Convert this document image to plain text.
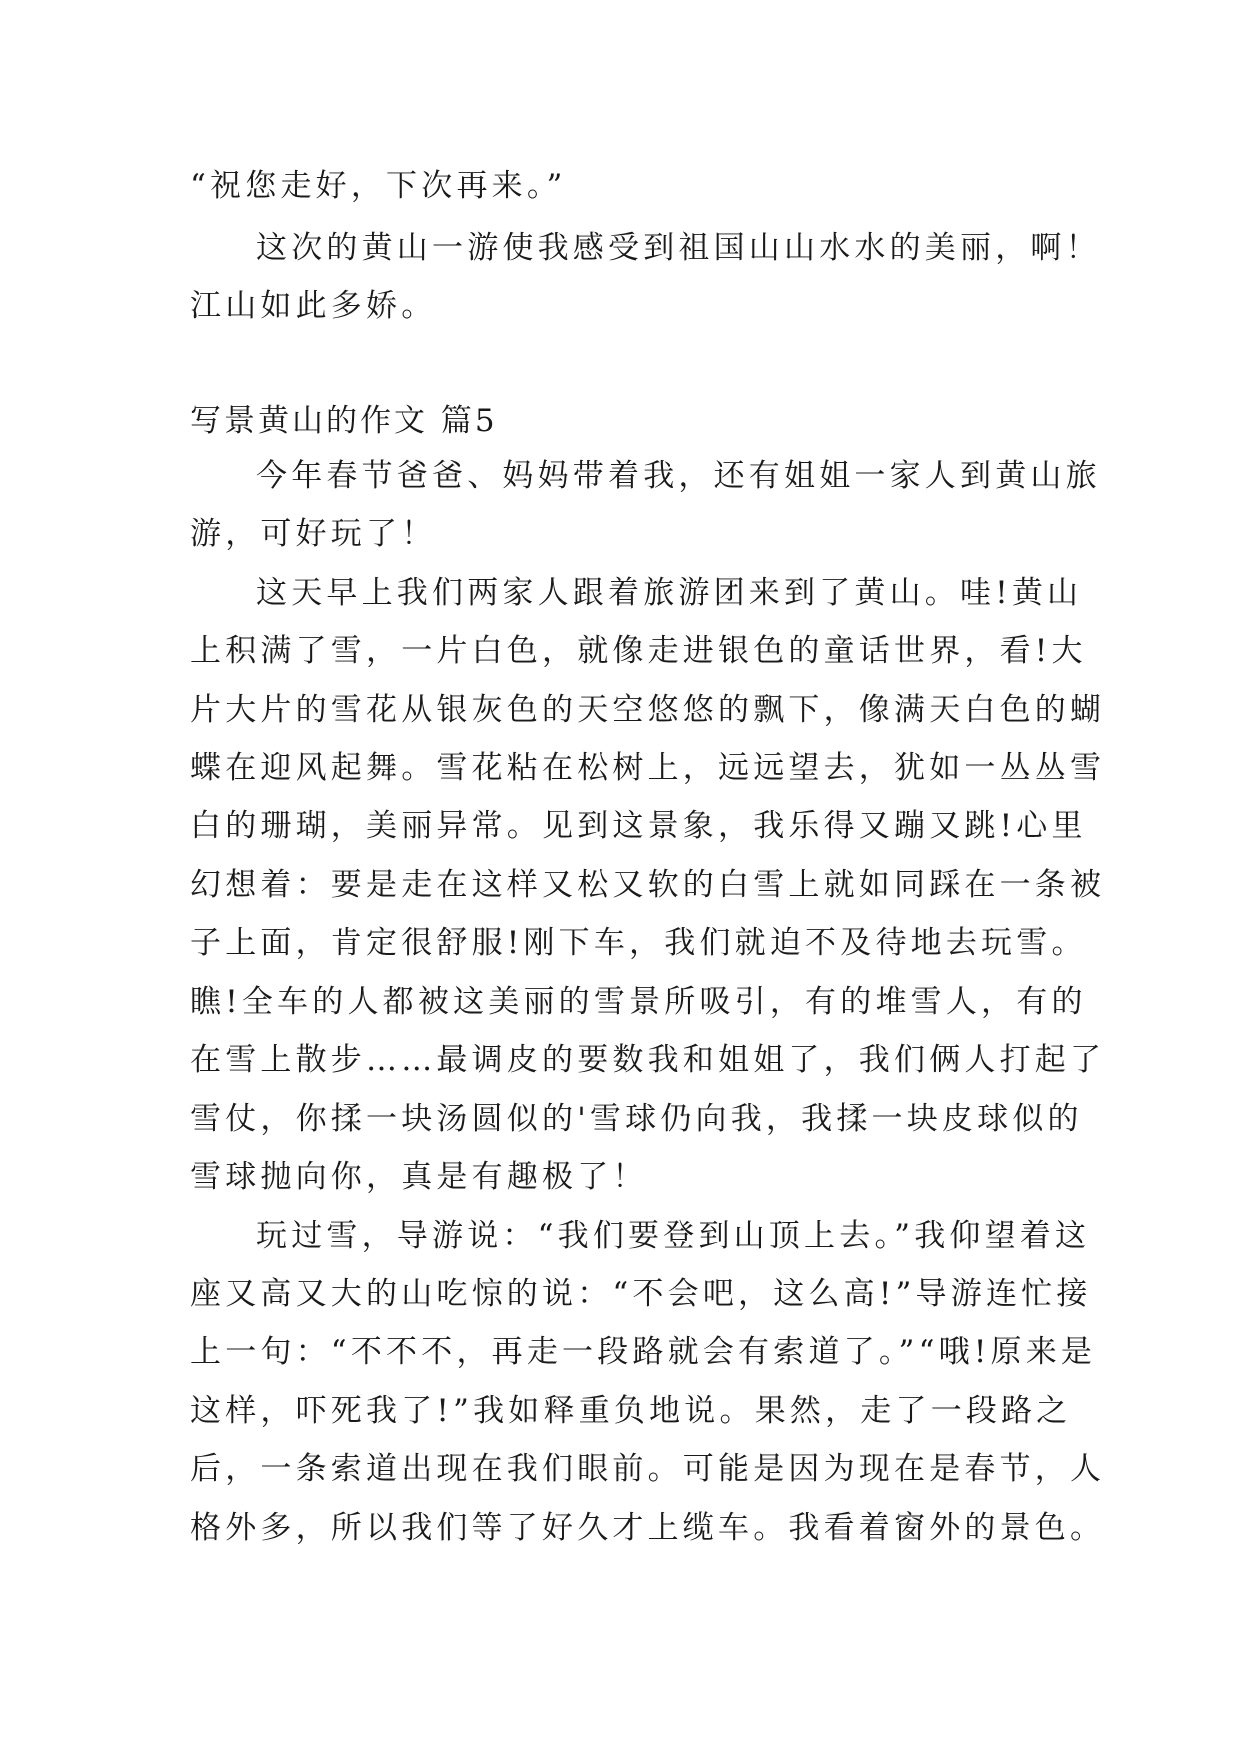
“祝您走好，下次再来。”
这次的黄山一游使我感受到祖国山山水水的美丽，啊！
江山如此多娇。
写景黄山的作文 篇5
今年春节爸爸、妈妈带着我，还有姐姐一家人到黄山旅
游，可好玩了！
这天早上我们两家人跟着旅游团来到了黄山。哇!黄山
上积满了雪，一片白色，就像走进银色的童话世界，看!大
片大片的雪花从银灰色的天空悠悠的飘下，像满天白色的蝴
蝶在迎风起舞。雪花粘在松树上，远远望去，犹如一丛丛雪
白的珊瑚，美丽异常。见到这景象，我乐得又蹦又跳!心里
幻想着：要是走在这样又松又软的白雪上就如同踩在一条被
子上面，肯定很舒服!刚下车，我们就迫不及待地去玩雪。
瞧!全车的人都被这美丽的雪景所吸引，有的堆雪人，有的
在雪上散步……最调皮的要数我和姐姐了，我们俩人打起了
雪仗，你揉一块汤圆似的'雪球仍向我，我揉一块皮球似的
雪球抛向你，真是有趣极了！
玩过雪，导游说：“我们要登到山顶上去。”我仰望着这
座又高又大的山吃惊的说：“不会吧，这么高!”导游连忙接
上一句：“不不不，再走一段路就会有索道了。”“哦!原来是
这样，吓死我了!”我如释重负地说。果然，走了一段路之
后，一条索道出现在我们眼前。可能是因为现在是春节，人
格外多，所以我们等了好久才上缆车。我看着窗外的景色。
